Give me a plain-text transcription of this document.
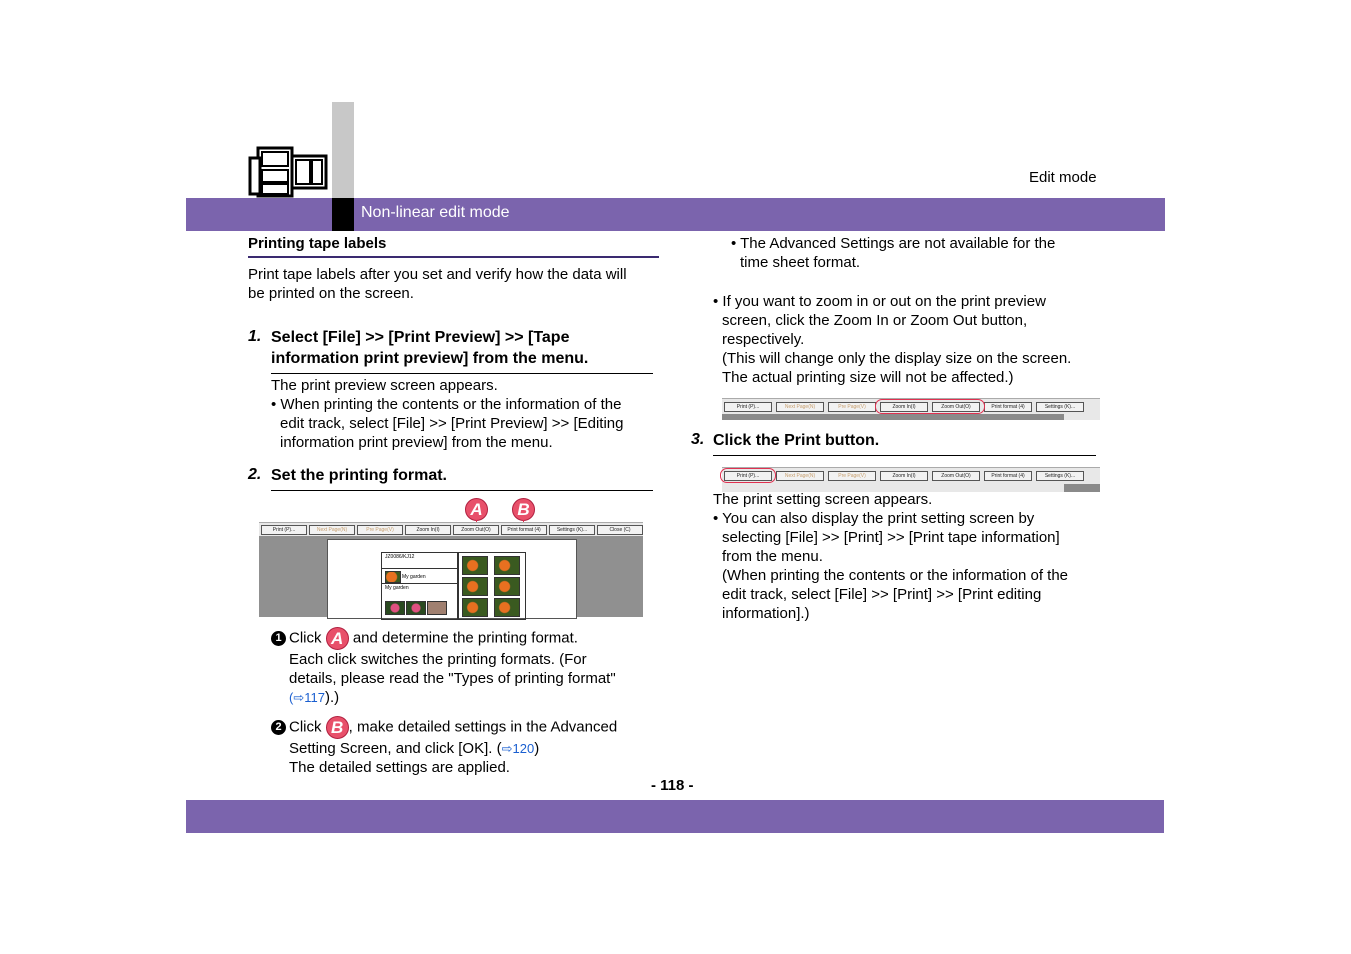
Edit mode
Non-linear edit mode
Printing tape labels
Print tape labels after you set and verify how the data will
be printed on the screen.
1. Select [File] >> [Print Preview] >> [Tape
information print preview] from the menu.
The print preview screen appears.
• When printing the contents or the information of the
edit track, select [File] >> [Print Preview] >> [Editing
information print preview] from the menu.
2. Set the printing format.
A	B
Print (P)...	Next Page(N)	Pre Page(V)	Zoom In(I)	Zoom Out(O)	Print format (4)	Settings (K)...	Close (C)
JZ0086/KJ12
My garden
My garden
1 Click A and determine the printing format.
Each click switches the printing formats. (For
details, please read the "Types of printing format"
(⇨117).)
2 Click B , make detailed settings in the Advanced
Setting Screen, and click [OK]. (⇨120)
The detailed settings are applied.
• The Advanced Settings are not available for the
time sheet format.
• If you want to zoom in or out on the print preview
screen, click the Zoom In or Zoom Out button,
respectively.
(This will change only the display size on the screen.
The actual printing size will not be affected.)
Print (P)...	Next Page(N)	Pre Page(V)	Zoom In(I)	Zoom Out(O)	Print format (4)	Settings (K)...
3. Click the Print button.
Print (P)...	Next Page(N)	Pre Page(V)	Zoom In(I)	Zoom Out(O)	Print format (4)	Settings (K)...
The print setting screen appears.
• You can also display the print setting screen by
selecting [File] >> [Print] >> [Print tape information]
from the menu.
(When printing the contents or the information of the
edit track, select [File] >> [Print] >> [Print editing
information].)
- 118 -
